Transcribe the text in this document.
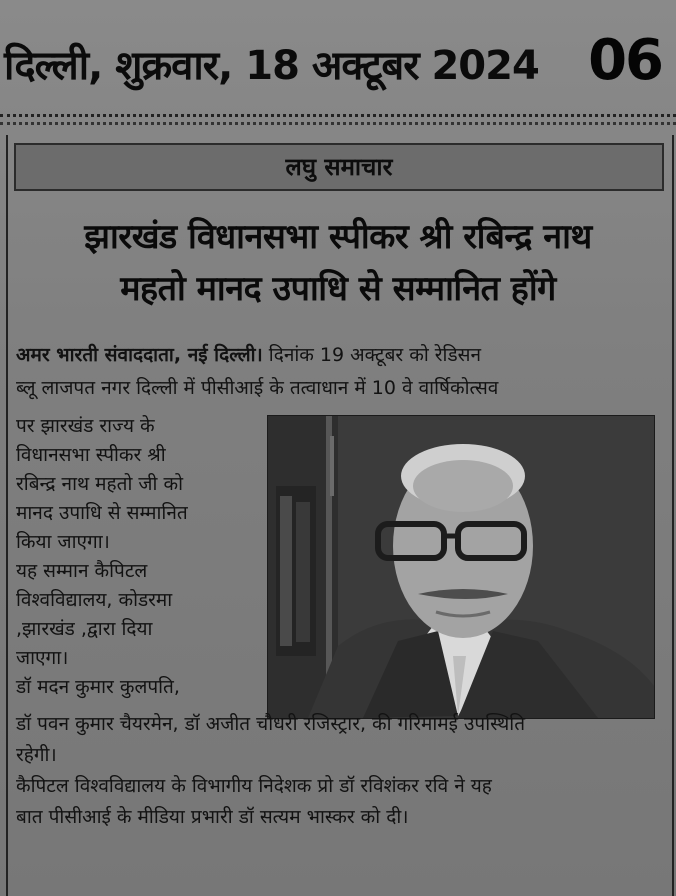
दिल्ली, शुक्रवार, 18 अक्टूबर 2024 06
लघु समाचार
झारखंड विधानसभा स्पीकर श्री रबिन्द्र नाथ
महतो मानद उपाधि से सम्मानित होंगे
अमर भारती संवाददाता, नई दिल्ली। दिनांक 19 अक्टूबर को रेडिसन
ब्लू लाजपत नगर दिल्ली में पीसीआई के तत्वाधान में 10 वे वार्षिकोत्सव
पर झारखंड राज्य के
विधानसभा स्पीकर श्री
रबिन्द्र नाथ महतो जी को
मानद उपाधि से सम्मानित
किया जाएगा।
यह सम्मान कैपिटल
विश्वविद्यालय, कोडरमा
,झारखंड ,द्वारा दिया
जाएगा।
डॉ मदन कुमार कुलपति,
डॉ पवन कुमार चैयरमेन, डॉ अजीत चौधरी रजिस्ट्रार, की गरिमामई उपस्थिति
रहेगी।
कैपिटल विश्वविद्यालय के विभागीय निदेशक प्रो डॉ रविशंकर रवि ने यह
बात पीसीआई के मीडिया प्रभारी डॉ सत्यम भास्कर को दी।
